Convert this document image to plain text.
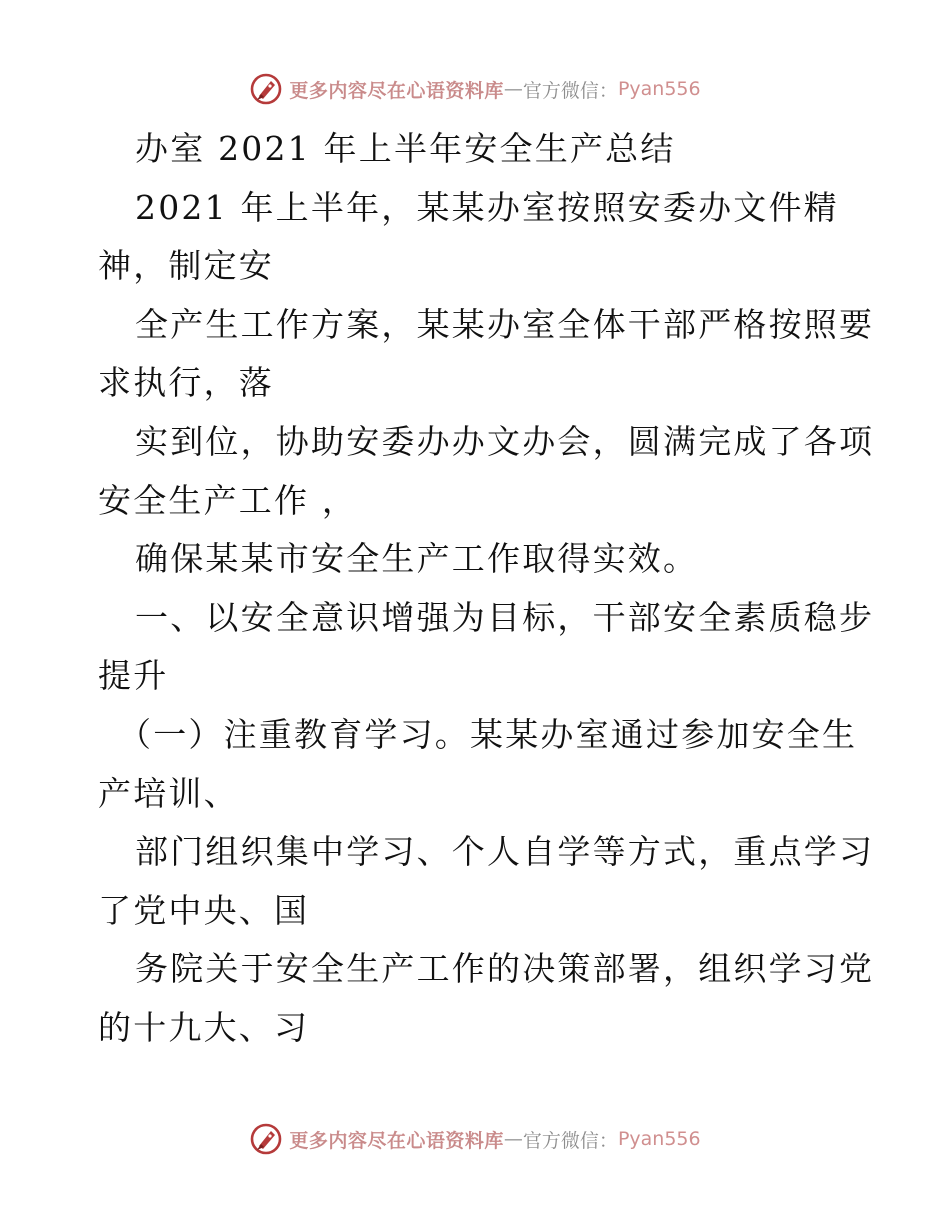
更多内容尽在心语资料库 — 官方微信： Pyan556
办室 2021 年上半年安全生产总结
2021 年上半年，某某办室按照安委办文件精
神，制定安
全产生工作方案，某某办室全体干部严格按照要
求执行，落
实到位，协助安委办办文办会，圆满完成了各项
安全生产工作 ，
确保某某市安全生产工作取得实效。
一、以安全意识增强为目标，干部安全素质稳步
提升
（一）注重教育学习。某某办室通过参加安全生
产培训、
部门组织集中学习、个人自学等方式，重点学习
了党中央、国
务院关于安全生产工作的决策部署，组织学习党
的十九大、习
更多内容尽在心语资料库 — 官方微信： Pyan556
